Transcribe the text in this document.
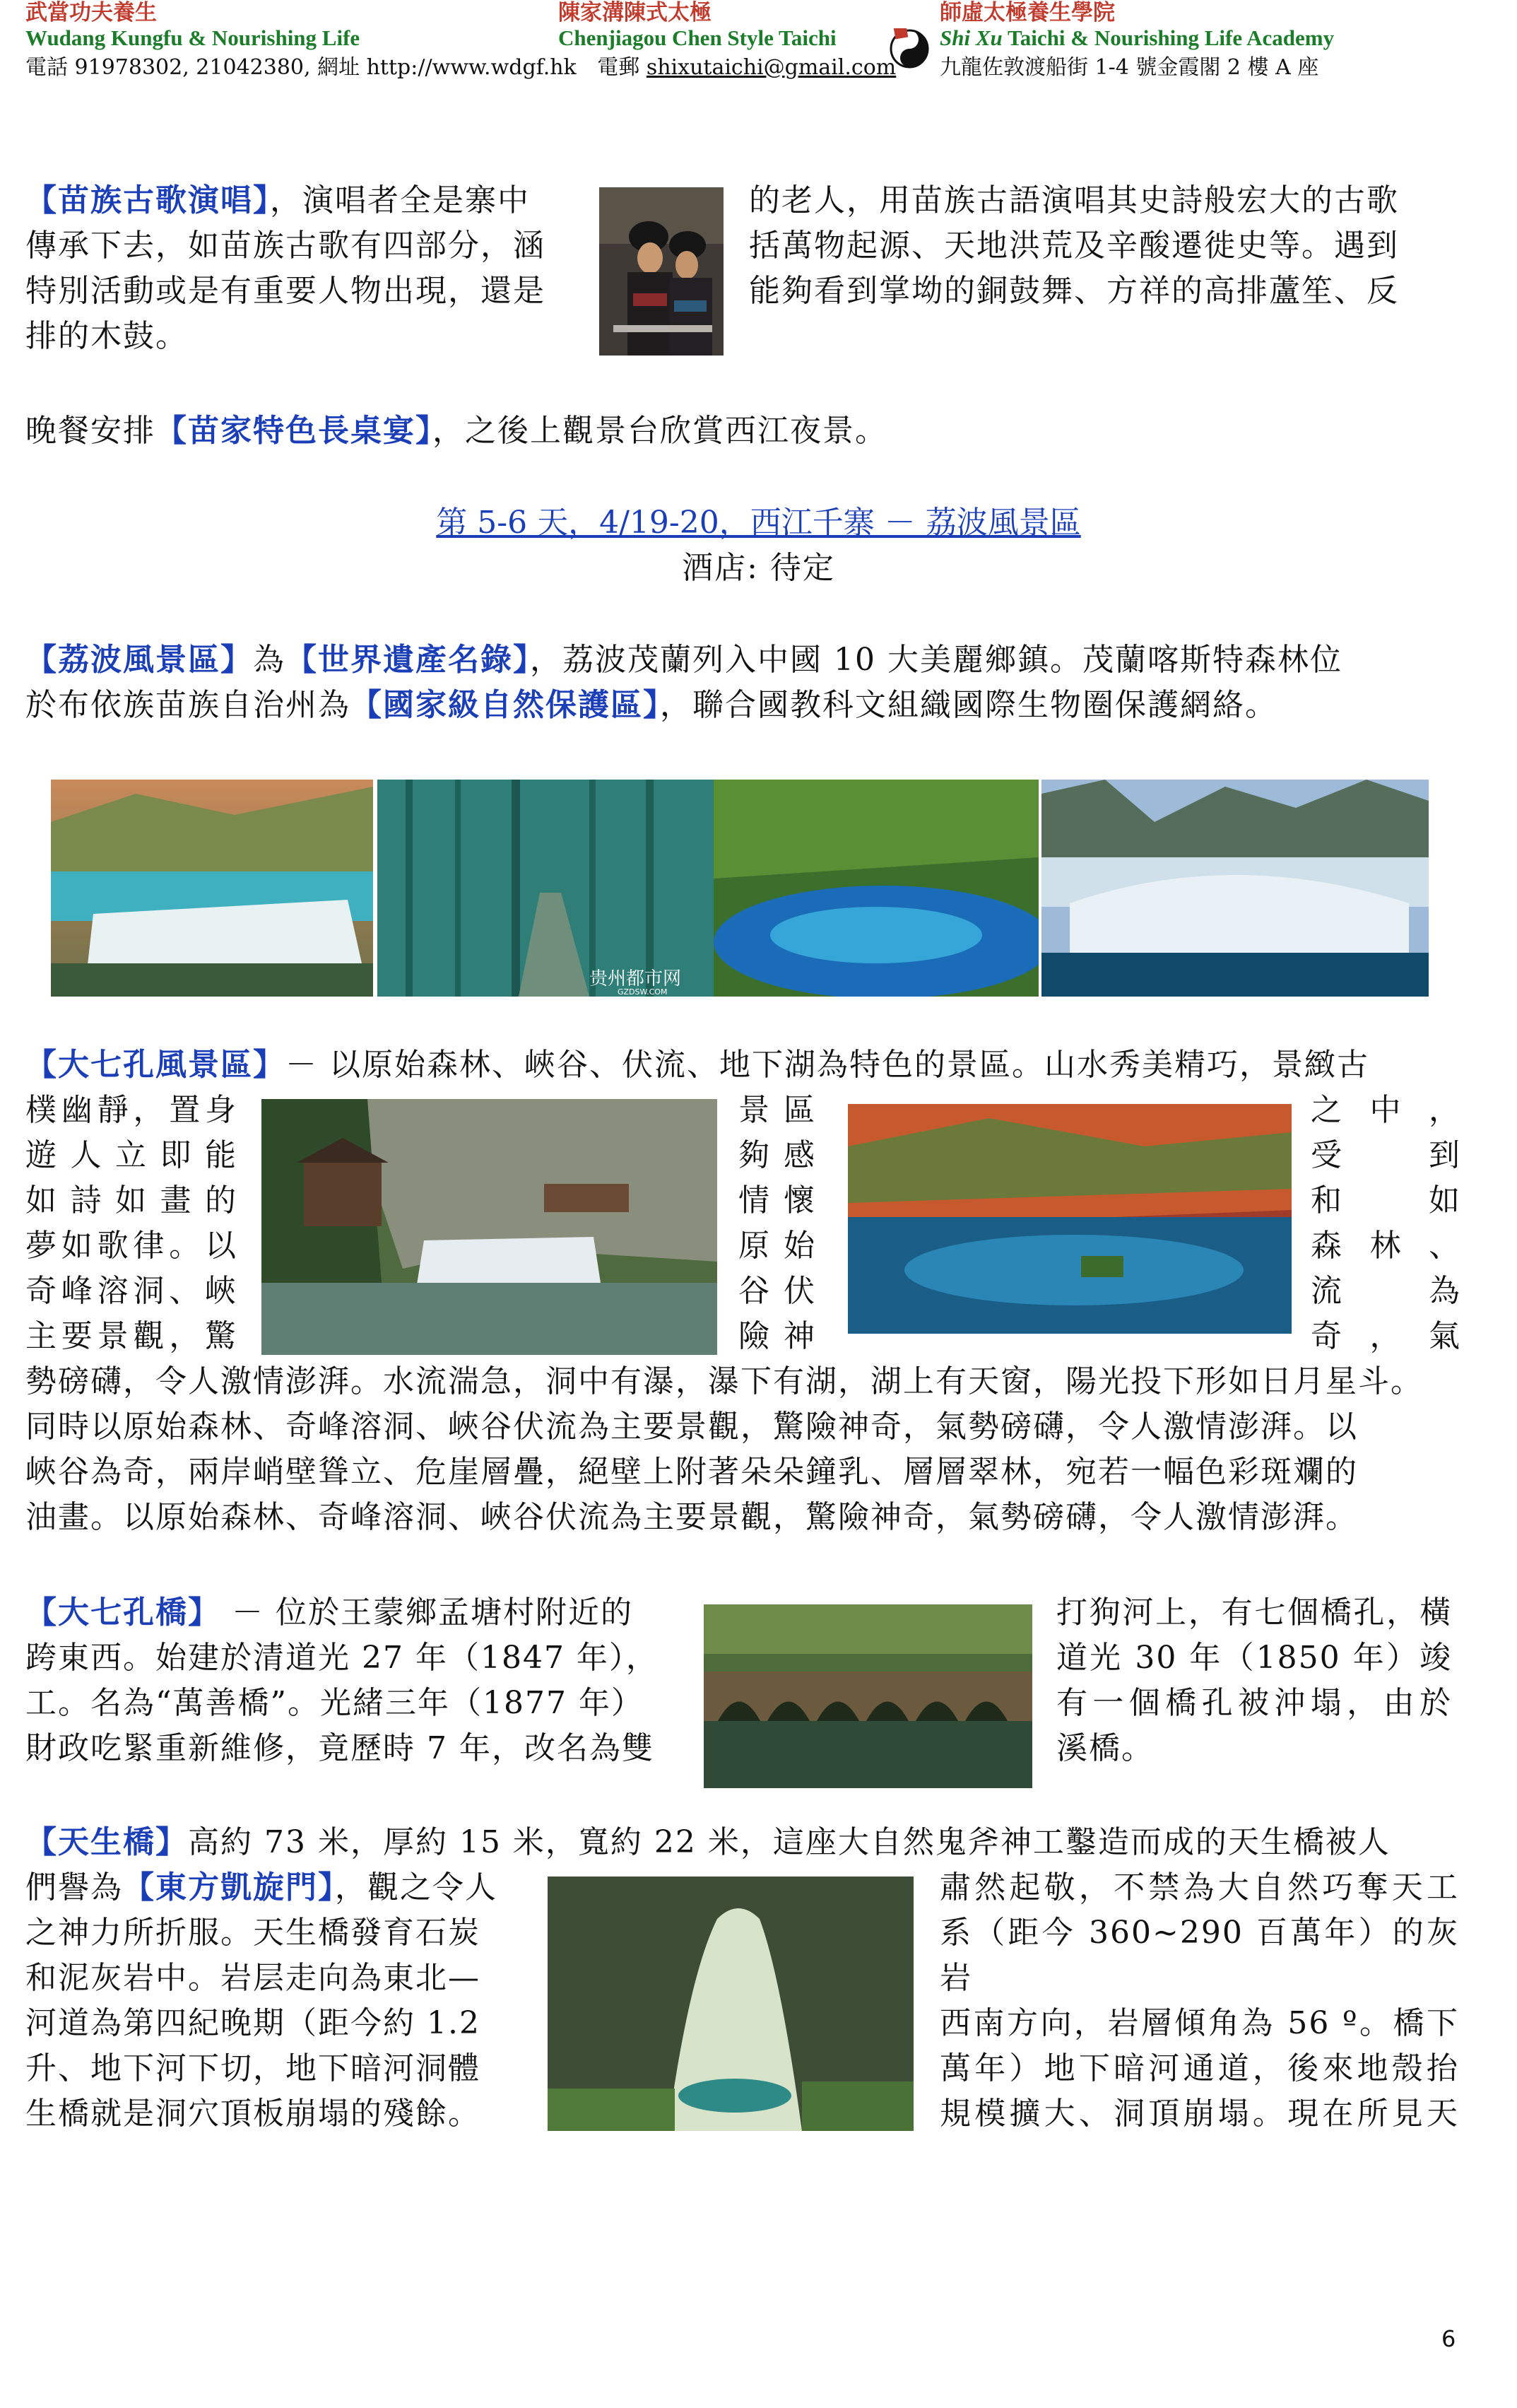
武當功夫養生
Wudang Kungfu & Nourishing Life
陳家溝陳式太極
Chenjiagou Chen Style Taichi
師虛太極養生學院
Shi Xu Taichi & Nourishing Life Academy
電話 91978302, 21042380, 網址 http://www.wdgf.hk 電郵 shixutaichi@gmail.com 九龍佐敦渡船街 1-4 號金霞閣 2 樓 A 座
【苗族古歌演唱】，演唱者全是寨中
傳承下去，如苗族古歌有四部分，涵
特別活動或是有重要人物出現，還是
排的木鼓。
的老人，用苗族古語演唱其史詩般宏大的古歌
括萬物起源、天地洪荒及辛酸遷徙史等。遇到
能夠看到掌坳的銅鼓舞、方祥的高排蘆笙、反
晚餐安排【苗家特色長桌宴】，之後上觀景台欣賞西江夜景。
第 5-6 天，4/19-20，西江千寨 － 荔波風景區
酒店: 待定
【荔波風景區】為【世界遺產名錄】，荔波茂蘭列入中國 10 大美麗鄉鎮。茂蘭喀斯特森林位
於布依族苗族自治州為【國家級自然保護區】，聯合國教科文組織國際生物圈保護網絡。
贵州都市网
GZDSW.COM
【大七孔風景區】－ 以原始森林、峽谷、伏流、地下湖為特色的景區。山水秀美精巧，景緻古
樸幽靜，置身
遊人立即能
如詩如畫的
夢如歌律。以
奇峰溶洞、峽
主要景觀，驚
景區
夠感
情懷
原始
谷伏
險神
之中，
受到
和如
森林、
流為
奇，氣
勢磅礴，令人激情澎湃。水流湍急，洞中有瀑，瀑下有湖，湖上有天窗，陽光投下形如日月星斗。
同時以原始森林、奇峰溶洞、峽谷伏流為主要景觀，驚險神奇，氣勢磅礴，令人激情澎湃。以
峽谷為奇，兩岸峭壁聳立、危崖層疊，絕壁上附著朵朵鐘乳、層層翠林，宛若一幅色彩斑斕的
油畫。以原始森林、奇峰溶洞、峽谷伏流為主要景觀，驚險神奇，氣勢磅礴，令人激情澎湃。
【大七孔橋】 － 位於王蒙鄉孟塘村附近的
跨東西。始建於清道光 27 年（1847 年），
工。名為“萬善橋”。光緒三年（1877 年）
財政吃緊重新維修，竟歷時 7 年，改名為雙
打狗河上，有七個橋孔，橫
道光 30 年（1850 年）竣
有一個橋孔被沖塌，由於
溪橋。
【天生橋】高約 73 米，厚約 15 米，寬約 22 米，這座大自然鬼斧神工鑿造而成的天生橋被人
們譽為【東方凱旋門】，觀之令人
之神力所折服。天生橋發育石炭
和泥灰岩中。岩层走向為東北—
河道為第四紀晚期（距今約 1.2
升、地下河下切，地下暗河洞體
生橋就是洞穴頂板崩塌的殘餘。
肅然起敬，不禁為大自然巧奪天工
系（距今 360~290 百萬年）的灰岩
西南方向，岩層傾角為 56 º。橋下
萬年）地下暗河通道，後來地殼抬
規模擴大、洞頂崩塌。現在所見天
6
